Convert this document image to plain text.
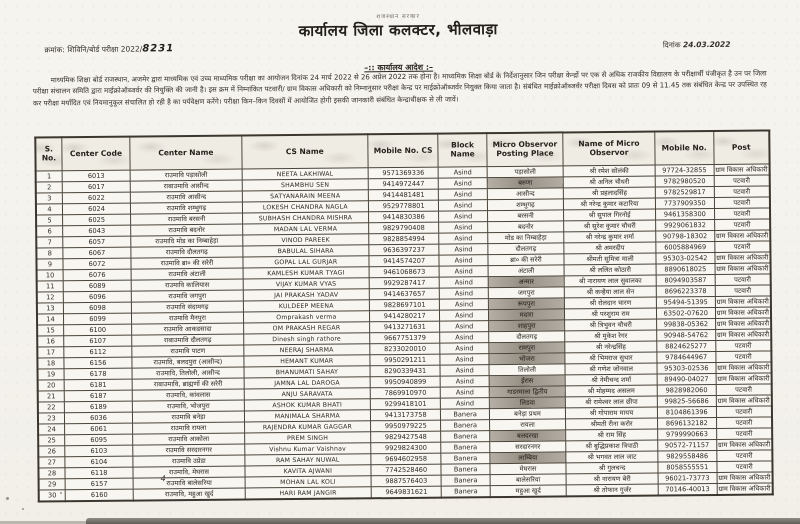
राजस्थान सरकार
कार्यालय जिला कलक्टर, भीलवाड़ा
क्रमांक: शिविनि/बोर्ड परीक्षा 2022/8231	दिनांक 24.03.2022
–:: कार्यालय आदेश :–
माध्यमिक शिक्षा बोर्ड राजस्थान, अजमेर द्वारा माध्यमिक एवं उच्च माध्यमिक परीक्षा का आयोजन दिनांक 24 मार्च 2022 से 26 अप्रेल 2022 तक होना है। माध्यमिक शिक्षा बोर्ड के निर्देशानुसार जिन परीक्षा केन्द्रों पर एक से अधिक राजकीय विद्यालय के परीक्षार्थी पंजीकृत है उन पर जिला परीक्षा संचालन समिति द्वारा माईक्रोऑब्जर्वर की नियुक्ति की जानी है। इस क्रम में निम्नांकित पटवारी/ ग्राम विकास अधिकारी को निम्नानुसार परीक्षा केन्द्र पर माईक्रोऑब्जर्वर नियुक्त किया जाता है। संबंधित माईक्रोऑब्जर्वर परीक्षा दिवस को प्रातः 09 से 11.45 तक संबंधित केन्द्र पर उपस्थित रह कर परीक्षा मर्यादित एवं नियमानुकूल संचालित हो रही है का पर्यवेक्षण करेंगे। परीक्षा किन–किन दिवसों में आयोजित होगी इसकी जानकारी संबंधित केन्द्राधीक्षक से ली जावें।
S. No.	Center Code	Center Name	CS Name	Mobile No. CS	Block Name	Micro Observor Posting Place	Name of Micro Observor	Mobile No.	Post
1	6013	राउमावि पड़ासोली	NEETA LAKHIWAL	9571369336	Asind	पड़ासोली	श्री रमेश सोलंकी	97724-32855	ग्राम विकास अधिकारी
2	6017	राबाउमावि आसीन्द	SHAMBHU SEN	9414972447	Asind	बरुणा	श्री अनिल चौधरी	9782980520	पटवारी
3	6022	राउमावि आसीन्द	SATYANARAIN MEENA	9414481481	Asind	आसीन्द	श्री प्रहलादसिंह	9782529817	पटवारी
4	6024	राउमावि शम्भुगढ़	LOKESH CHANDRA NAGLA	9529778801	Asind	शम्भुगढ़	श्री नरेन्द्र कुमार कटारिया	7737909350	पटवारी
5	6025	राउमावि बरसनी	SUBHASH CHANDRA MISHRA	9414830386	Asind	बरसनी	श्री सुपाल गिरनोई	9461358300	पटवारी
6	6043	राउमावि बदनोर	MADAN LAL VERMA	9829790408	Asind	बदनोर	श्री सुरेश कुमार चौधरी	9929061832	पटवारी
7	6057	राउमावि मोड का निम्बाहेड़ा	VINOD PAREEK	9828854994	Asind	मोड का निम्बाहेड़ा	श्री नरेन्द्र कुमार शर्मा	90798-18302	ग्राम विकास अधिकारी
8	6067	राउमावि दौलतगढ़	BABULAL SIHARA	9636397237	Asind	दौलतगढ़	श्री अमरदीप	6005884969	पटवारी
9	6072	राउमावि ब्रा० की सरेरी	GOPAL LAL GURJAR	9414574207	Asind	ब्रा० की सरेरी	श्रीमती सुमित्रा माली	95303-02542	ग्राम विकास अधिकारी
10	6076	राउमावि अंटाली	KAMLESH KUMAR TYAGI	9461068673	Asind	अंटाली	श्री ललित कोठारी	8890618025	ग्राम विकास अधिकारी
11	6089	राउमावि कालियास	VIJAY KUMAR VYAS	9929287417	Asind	अन्मार	श्री नारायण लाल सुवालका	8094903587	पटवारी
12	6096	राउमावि जगपुरा	JAI PRAKASH YADAV	9414637657	Asind	जगपुरा	श्री कन्हैया लाल सेन	8696223378	पटवारी
13	6098	राउमावि संदामगढ़	KULDEEP MEENA	9828697101	Asind	रूपपुरा	श्री रोलदान चारण	95494-51395	ग्राम विकास अधिकारी
14	6099	राउमावि मैनपुरा	Omprakash verma	9414280217	Asind	मदारा	श्री परशुराम राम	63502-07620	ग्राम विकास अधिकारी
15	6100	राउमावि आकडसादा	OM PRAKASH REGAR	9413271631	Asind	शाहपुरा	श्री त्रिभुवन चौधरी	99838-05362	ग्राम विकास अधिकारी
16	6107	राबाउमावि दौलतगढ़	Dinesh singh rathore	9667751379	Asind	दौलतगढ़	श्री मुकेश रेगर	90948-54762	ग्राम विकास अधिकारी
17	6112	राउमावि पाटण	NEERAJ SHARMA	8233020010	Asind	रामपुरा	श्री नरेन्द्रसिंह	8824625277	पटवारी
18	6156	राउमावि, बलदपुरा (आसीन्द)	HEMANT KUMAR	9950291211	Asind	भोजरा	श्री भिमराज सुथार	9784644967	पटवारी
19	6178	राउमावि, तिलोली, आसीन्द	BHANUMATI SAHAY	8290339431	Asind	तिलोली	श्री गणेश जोनवाल	95303-02536	ग्राम विकास अधिकारी
20	6181	राबाउमावि, ब्राह्मणों की सरेरी	JAMNA LAL DAROGA	9950940899	Asind	ईरास	श्री नेमीचन्द शर्मा	89490-04027	ग्राम विकास अधिकारी
21	6187	राउमावि, कांवलास	ANJU SARAVATA	7869910970	Asind	गाडरमाला द्वितीय	श्री मोहम्मद असलम	9828982060	पटवारी
22	6189	राउमावि, भोजपुरा	ASHOK KUMAR BHATI	9299418101	Asind	लिडवा	श्री रामेश्वर लाल छीपा	99825-56686	ग्राम विकास अधिकारी
23	6036	राउमावि बनेड़ा	MANIMALA SHARMA	9413173758	Banera	बनेड़ा प्रथम	श्री गोपाराम मायच	8104861396	पटवारी
24	6061	राउमावि रायला	RAJENDRA KUMAR GAGGAR	9950979225	Banera	रायला	श्रीमती रीना करोर	8696132182	पटवारी
25	6095	राउमावि आकोला	PREM SINGH	9829427548	Banera	बलदरखा	श्री राम सिंह	9799990663	पटवारी
26	6103	राउमावि सरदारनगर	Vishnu Kumar Vaishnav	9929824300	Banera	सरदारनगर	श्री बुद्धिप्रकाश त्रिपाठी	90572-71157	ग्राम विकास अधिकारी
27	6104	राउमावि उप्रेडा	RAM SAHAY NUWAL	9694602958	Banera	लाम्बिया	श्री भगवत लाल जाट	9829558486	पटवारी
28	6118	राउमावि, मेघरास	KAVITA AJWANI	7742528460	Banera	मेघरास	श्री गुलचन्द	8058555551	पटवारी
29	6157	राउमावि बालेसरिया	MOHAN LAL KOLI	9887576403	Banera	बालेसरिया	श्री नारायण बेरी	96021-73773	ग्राम विकास अधिकारी
30	6160	राउमावि, महुआ खुर्द	HARI RAM JANGIR	9649831621	Banera	महुआ खुर्द	श्री तोफान गुर्जर	70146-40013	ग्राम विकास अधिकारी
4
